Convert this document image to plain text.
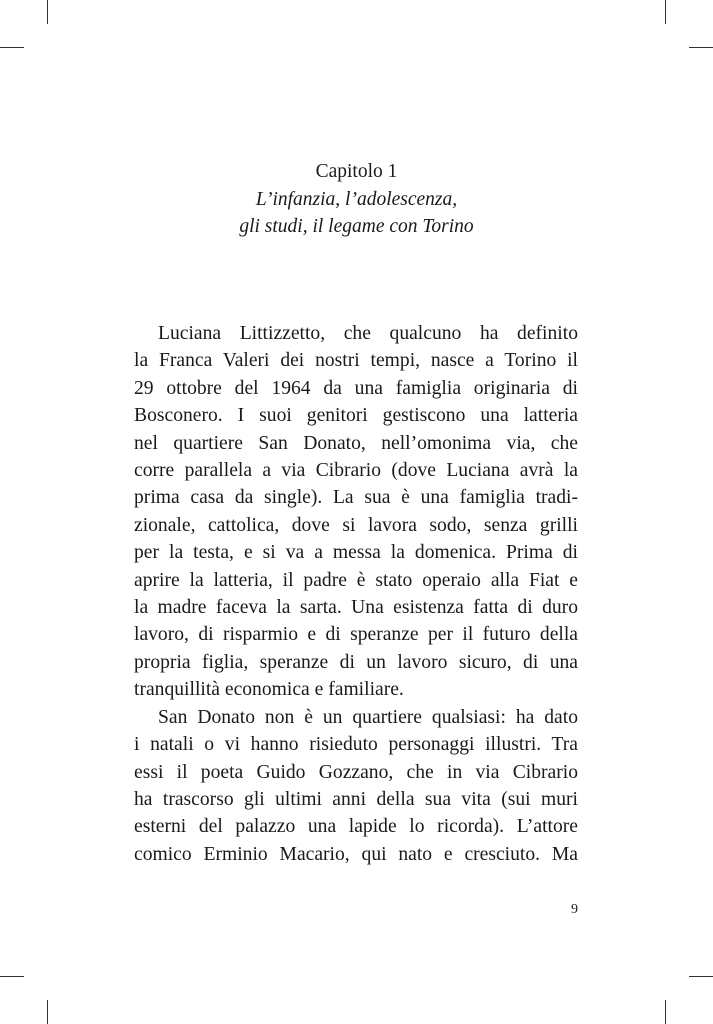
Capitolo 1
L’infanzia, l’adolescenza,
gli studi, il legame con Torino
Luciana Littizzetto, che qualcuno ha definito
la Franca Valeri dei nostri tempi, nasce a Torino il
29 ottobre del 1964 da una famiglia originaria di
Bosconero. I suoi genitori gestiscono una latteria
nel quartiere San Donato, nell’omonima via, che
corre parallela a via Cibrario (dove Luciana avrà la
prima casa da single). La sua è una famiglia tradi-
zionale, cattolica, dove si lavora sodo, senza grilli
per la testa, e si va a messa la domenica. Prima di
aprire la latteria, il padre è stato operaio alla Fiat e
la madre faceva la sarta. Una esistenza fatta di duro
lavoro, di risparmio e di speranze per il futuro della
propria figlia, speranze di un lavoro sicuro, di una
tranquillità economica e familiare.
San Donato non è un quartiere qualsiasi: ha dato
i natali o vi hanno risieduto personaggi illustri. Tra
essi il poeta Guido Gozzano, che in via Cibrario
ha trascorso gli ultimi anni della sua vita (sui muri
esterni del palazzo una lapide lo ricorda). L’attore
comico Erminio Macario, qui nato e cresciuto. Ma
9
